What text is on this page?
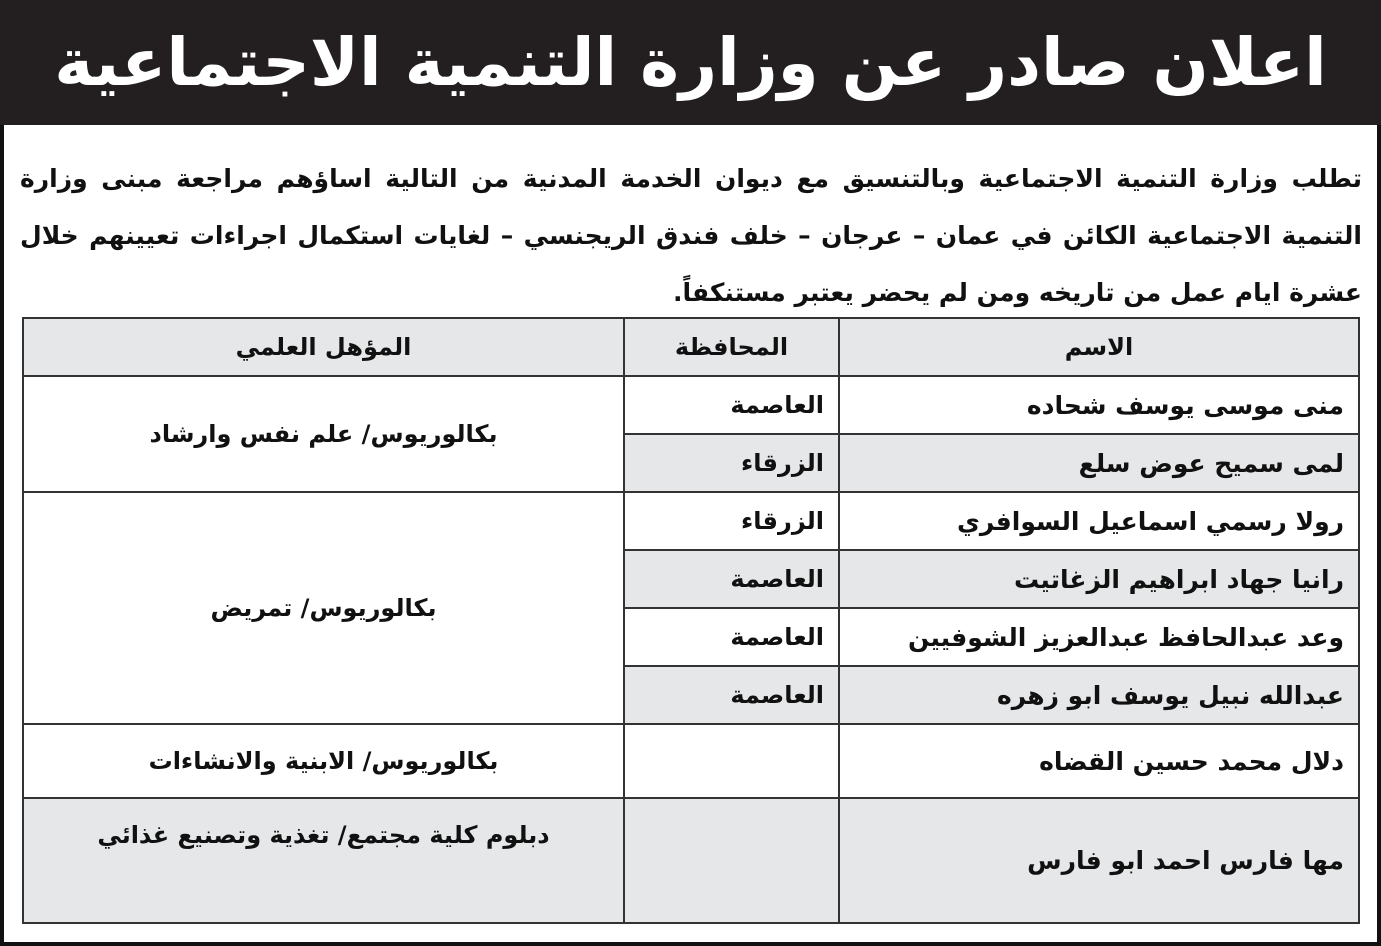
اعلان صادر عن وزارة التنمية الاجتماعية
تطلب وزارة التنمية الاجتماعية وبالتنسيق مع ديوان الخدمة المدنية من التالية اساؤهم مراجعة مبنى وزارة التنمية الاجتماعية الكائن في عمان – عرجان – خلف فندق الريجنسي – لغايات استكمال اجراءات تعيينهم خلال عشرة ايام عمل من تاريخه ومن لم يحضر يعتبر مستنكفاً.
الاسم	المحافظة	المؤهل العلمي
منى موسى يوسف شحاده	العاصمة	بكالوريوس/ علم نفس وارشاد
لمى سميح عوض سلع	الزرقاء	
رولا رسمي اسماعيل السوافري	الزرقاء	بكالوريوس/ تمريض
رانيا جهاد ابراهيم الزغاتيت	العاصمة	
وعد عبدالحافظ عبدالعزيز الشوفيين	العاصمة	
عبدالله نبيل يوسف ابو زهره	العاصمة	
دلال محمد حسين القضاه		بكالوريوس/ الابنية والانشاءات
مها فارس احمد ابو فارس		دبلوم كلية مجتمع/ تغذية وتصنيع غذائي
